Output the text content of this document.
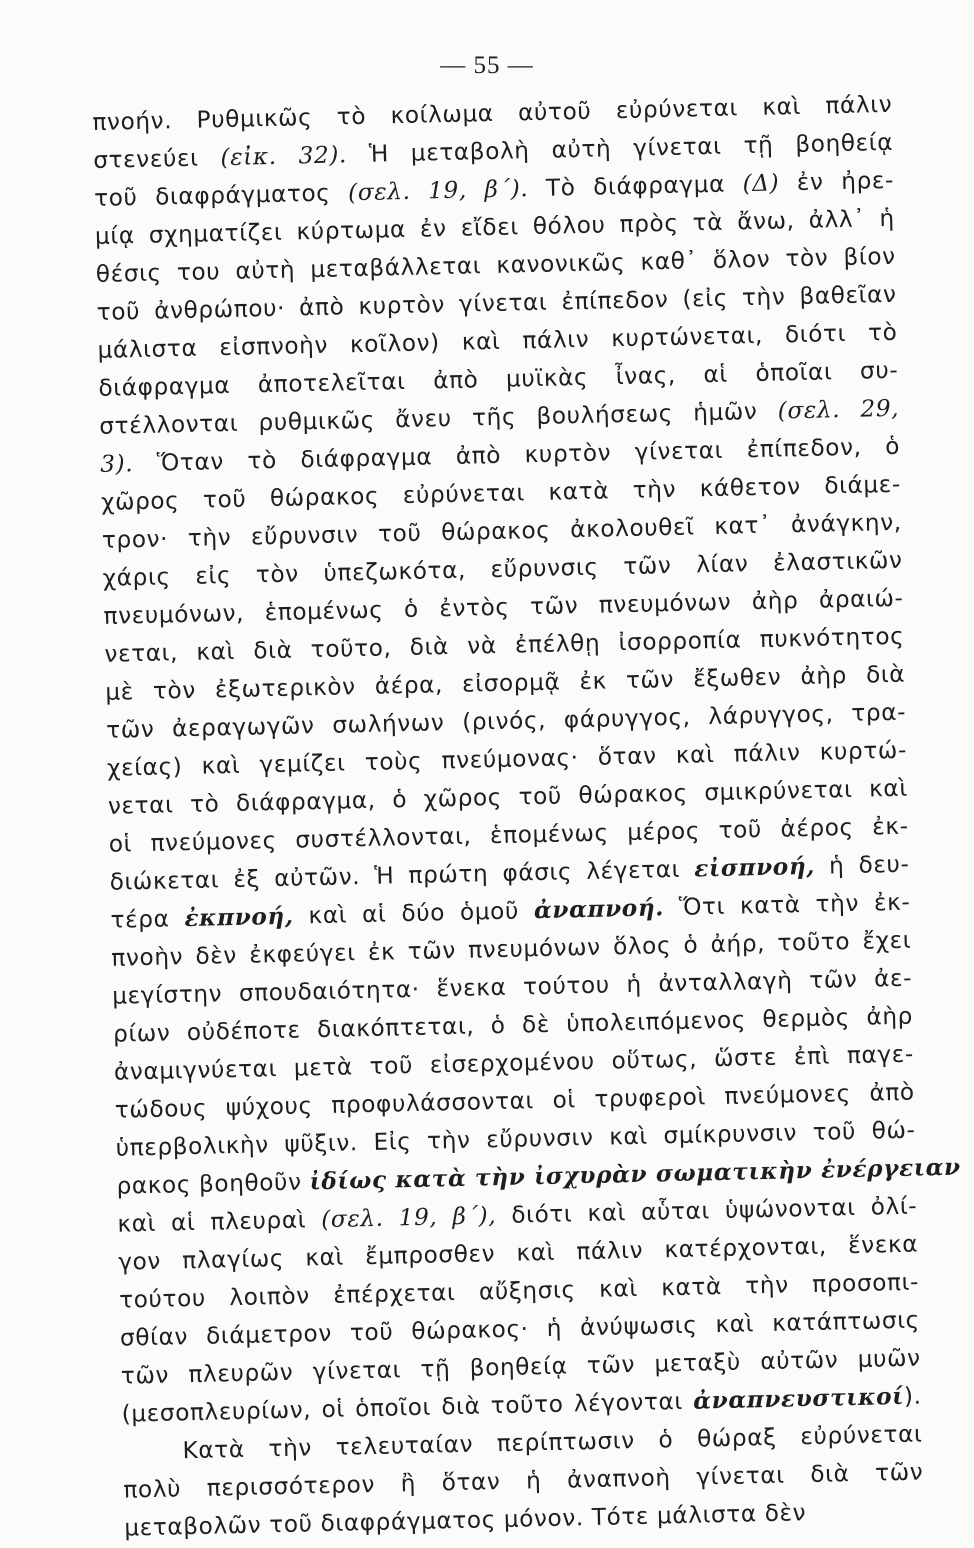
— 55 —
πνοήν. Ρυθμικῶς τὸ κοίλωμα αὐτοῦ εὐρύνεται καὶ πάλιν
στενεύει (εἰκ. 32). Ἡ μεταβολὴ αὐτὴ γίνεται τῇ βοηθείᾳ
τοῦ διαφράγματος (σελ. 19, β΄). Τὸ διάφραγμα (Δ) ἐν ἠρε-
μίᾳ σχηματίζει κύρτωμα ἐν εἴδει θόλου πρὸς τὰ ἄνω, ἀλλ᾽ ἡ
θέσις του αὐτὴ μεταβάλλεται κανονικῶς καθ᾽ ὅλον τὸν βίον
τοῦ ἀνθρώπου· ἀπὸ κυρτὸν γίνεται ἐπίπεδον (εἰς τὴν βαθεῖαν
μάλιστα εἰσπνοὴν κοῖλον) καὶ πάλιν κυρτώνεται, διότι τὸ
διάφραγμα ἀποτελεῖται ἀπὸ μυϊκὰς ἶνας, αἱ ὁποῖαι συ-
στέλλονται ρυθμικῶς ἄνευ τῆς βουλήσεως ἡμῶν (σελ. 29,
3). Ὅταν τὸ διάφραγμα ἀπὸ κυρτὸν γίνεται ἐπίπεδον, ὁ
χῶρος τοῦ θώρακος εὐρύνεται κατὰ τὴν κάθετον διάμε-
τρον· τὴν εὔρυνσιν τοῦ θώρακος ἀκολουθεῖ κατ᾽ ἀνάγκην,
χάρις εἰς τὸν ὑπεζωκότα, εὔρυνσις τῶν λίαν ἐλαστικῶν
πνευμόνων, ἑπομένως ὁ ἐντὸς τῶν πνευμόνων ἀὴρ ἀραιώ-
νεται, καὶ διὰ τοῦτο, διὰ νὰ ἐπέλθῃ ἰσορροπία πυκνότητος
μὲ τὸν ἐξωτερικὸν ἀέρα, εἰσορμᾷ ἐκ τῶν ἔξωθεν ἀὴρ διὰ
τῶν ἀεραγωγῶν σωλήνων (ρινός, φάρυγγος, λάρυγγος, τρα-
χείας) καὶ γεμίζει τοὺς πνεύμονας· ὅταν καὶ πάλιν κυρτώ-
νεται τὸ διάφραγμα, ὁ χῶρος τοῦ θώρακος σμικρύνεται καὶ
οἱ πνεύμονες συστέλλονται, ἑπομένως μέρος τοῦ ἀέρος ἐκ-
διώκεται ἐξ αὐτῶν. Ἡ πρώτη φάσις λέγεται εἰσπνοή, ἡ δευ-
τέρα ἐκπνοή, καὶ αἱ δύο ὁμοῦ ἀναπνοή. Ὅτι κατὰ τὴν ἐκ-
πνοὴν δὲν ἐκφεύγει ἐκ τῶν πνευμόνων ὅλος ὁ ἀήρ, τοῦτο ἔχει
μεγίστην σπουδαιότητα· ἕνεκα τούτου ἡ ἀνταλλαγὴ τῶν ἀε-
ρίων οὐδέποτε διακόπτεται, ὁ δὲ ὑπολειπόμενος θερμὸς ἀὴρ
ἀναμιγνύεται μετὰ τοῦ εἰσερχομένου οὕτως, ὥστε ἐπὶ παγε-
τώδους ψύχους προφυλάσσονται οἱ τρυφεροὶ πνεύμονες ἀπὸ
ὑπερβολικὴν ψῦξιν. Εἰς τὴν εὔρυνσιν καὶ σμίκρυνσιν τοῦ θώ-
ρακος βοηθοῦν ἰδίως κατὰ τὴν ἰσχυρὰν σωματικὴν ἐνέργειαν
καὶ αἱ πλευραὶ (σελ. 19, β΄), διότι καὶ αὗται ὑψώνονται ὀλί-
γον πλαγίως καὶ ἔμπροσθεν καὶ πάλιν κατέρχονται, ἕνεκα
τούτου λοιπὸν ἐπέρχεται αὔξησις καὶ κατὰ τὴν προσοπι-
σθίαν διάμετρον τοῦ θώρακος· ἡ ἀνύψωσις καὶ κατάπτωσις
τῶν πλευρῶν γίνεται τῇ βοηθείᾳ τῶν μεταξὺ αὐτῶν μυῶν
(μεσοπλευρίων, οἱ ὁποῖοι διὰ τοῦτο λέγονται ἀναπνευστικοί).
Κατὰ τὴν τελευταίαν περίπτωσιν ὁ θώραξ εὐρύνεται
πολὺ περισσότερον ἢ ὅταν ἡ ἀναπνοὴ γίνεται διὰ τῶν
μεταβολῶν τοῦ διαφράγματος μόνον. Τότε μάλιστα δὲν
